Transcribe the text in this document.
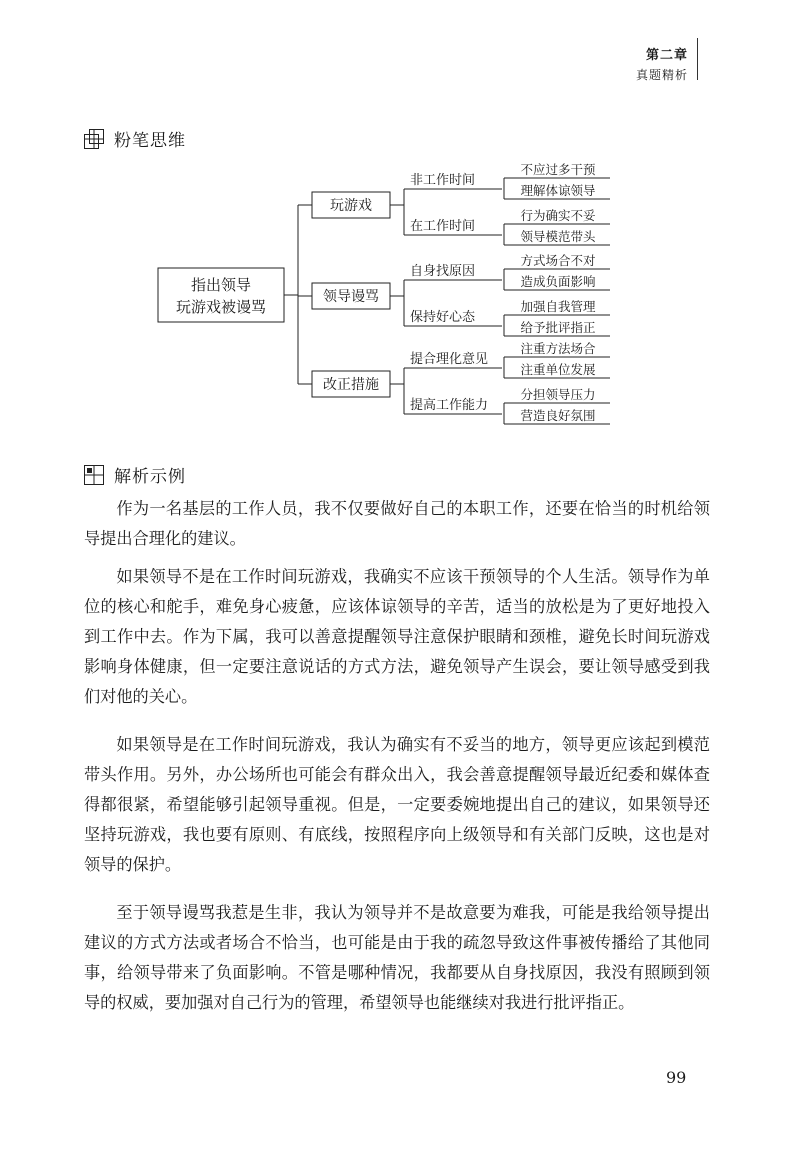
第二章
真题精析
粉笔思维
指出领导
玩游戏被谩骂
玩游戏
非工作时间
不应过多干预
理解体谅领导
在工作时间
行为确实不妥
领导模范带头
领导谩骂
自身找原因
方式场合不对
造成负面影响
保持好心态
加强自我管理
给予批评指正
改正措施
提合理化意见
注重方法场合
注重单位发展
提高工作能力
分担领导压力
营造良好氛围
解析示例

作为一名基层的工作人员，我不仅要做好自己的本职工作，还要在恰当的时机给领导提出合理化的建议。

如果领导不是在工作时间玩游戏，我确实不应该干预领导的个人生活。领导作为单位的核心和舵手，难免身心疲惫，应该体谅领导的辛苦，适当的放松是为了更好地投入到工作中去。作为下属，我可以善意提醒领导注意保护眼睛和颈椎，避免长时间玩游戏影响身体健康，但一定要注意说话的方式方法，避免领导产生误会，要让领导感受到我们对他的关心。

如果领导是在工作时间玩游戏，我认为确实有不妥当的地方，领导更应该起到模范带头作用。另外，办公场所也可能会有群众出入，我会善意提醒领导最近纪委和媒体查得都很紧，希望能够引起领导重视。但是，一定要委婉地提出自己的建议，如果领导还坚持玩游戏，我也要有原则、有底线，按照程序向上级领导和有关部门反映，这也是对领导的保护。

至于领导谩骂我惹是生非，我认为领导并不是故意要为难我，可能是我给领导提出建议的方式方法或者场合不恰当，也可能是由于我的疏忽导致这件事被传播给了其他同事，给领导带来了负面影响。不管是哪种情况，我都要从自身找原因，我没有照顾到领导的权威，要加强对自己行为的管理，希望领导也能继续对我进行批评指正。

99
